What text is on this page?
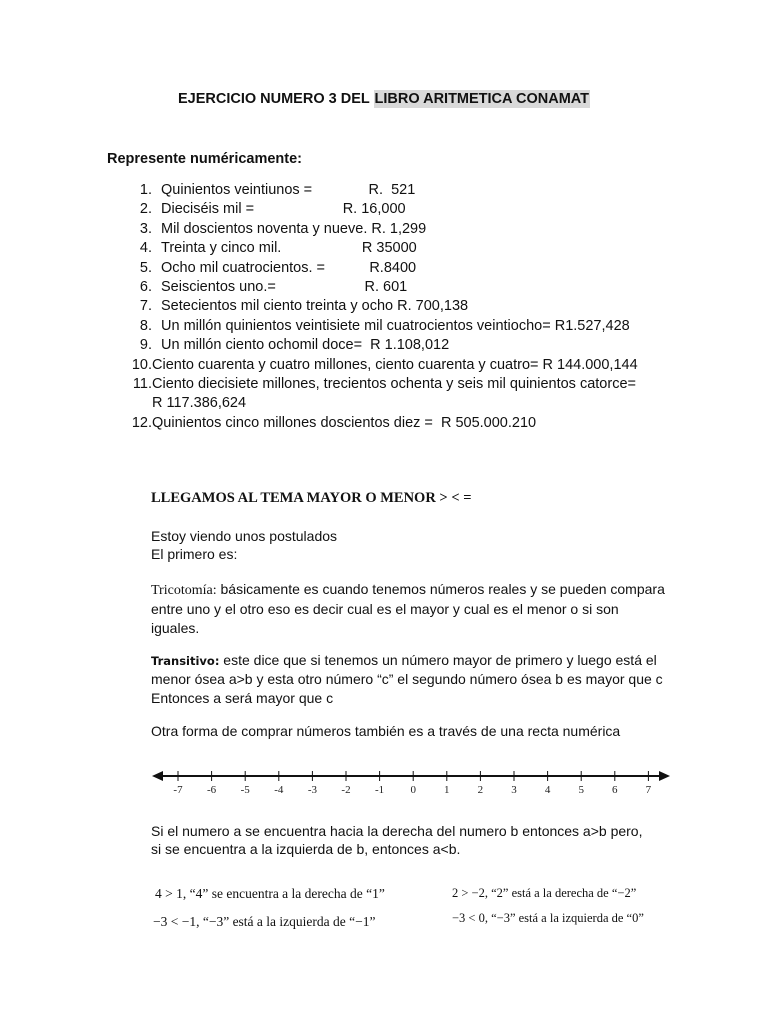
EJERCICIO NUMERO 3 DEL LIBRO ARITMETICA CONAMAT
Represente numéricamente:
1. Quinientos veintiunos =              R.  521
2. Dieciséis mil =                      R. 16,000
3. Mil doscientos noventa y nueve. R. 1,299
4. Treinta y cinco mil.                    R 35000
5. Ocho mil cuatrocientos. =           R.8400
6. Seiscientos uno.=                      R. 601
7. Setecientos mil ciento treinta y ocho R. 700,138
8. Un millón quinientos veintisiete mil cuatrocientos veintiocho= R1.527,428
9. Un millón ciento ochomil doce=  R 1.108,012
10. Ciento cuarenta y cuatro millones, ciento cuarenta y cuatro= R 144.000,144
11. Ciento diecisiete millones, trecientos ochenta y seis mil quinientos catorce=
R 117.386,624
12. Quinientos cinco millones doscientos diez =  R 505.000.210
LLEGAMOS AL TEMA MAYOR O MENOR > < =
Estoy viendo unos postulados
El primero es:
Tricotomía: básicamente es cuando tenemos números reales y se pueden compara
entre uno y el otro eso es decir cual es el mayor y cual es el menor o si son
iguales.
Transitivo: este dice que si tenemos un número mayor de primero y luego está el
menor ósea a>b y esta otro número “c” el segundo número ósea b es mayor que c
Entonces a será mayor que c
Otra forma de comprar números también es a través de una recta numérica
-7 -6 -5 -4 -3 -2 -1 0	1	2	3	4	5	6	7
Si el numero a se encuentra hacia la derecha del numero b entonces a>b pero,
si se encuentra a la izquierda de b, entonces a<b.
4 > 1, “4” se encuentra a la derecha de “1”	2 > −2, “2” está a la derecha de “−2”
−3 < −1, “−3” está a la izquierda de “−1”	−3 < 0, “−3” está a la izquierda de “0”
